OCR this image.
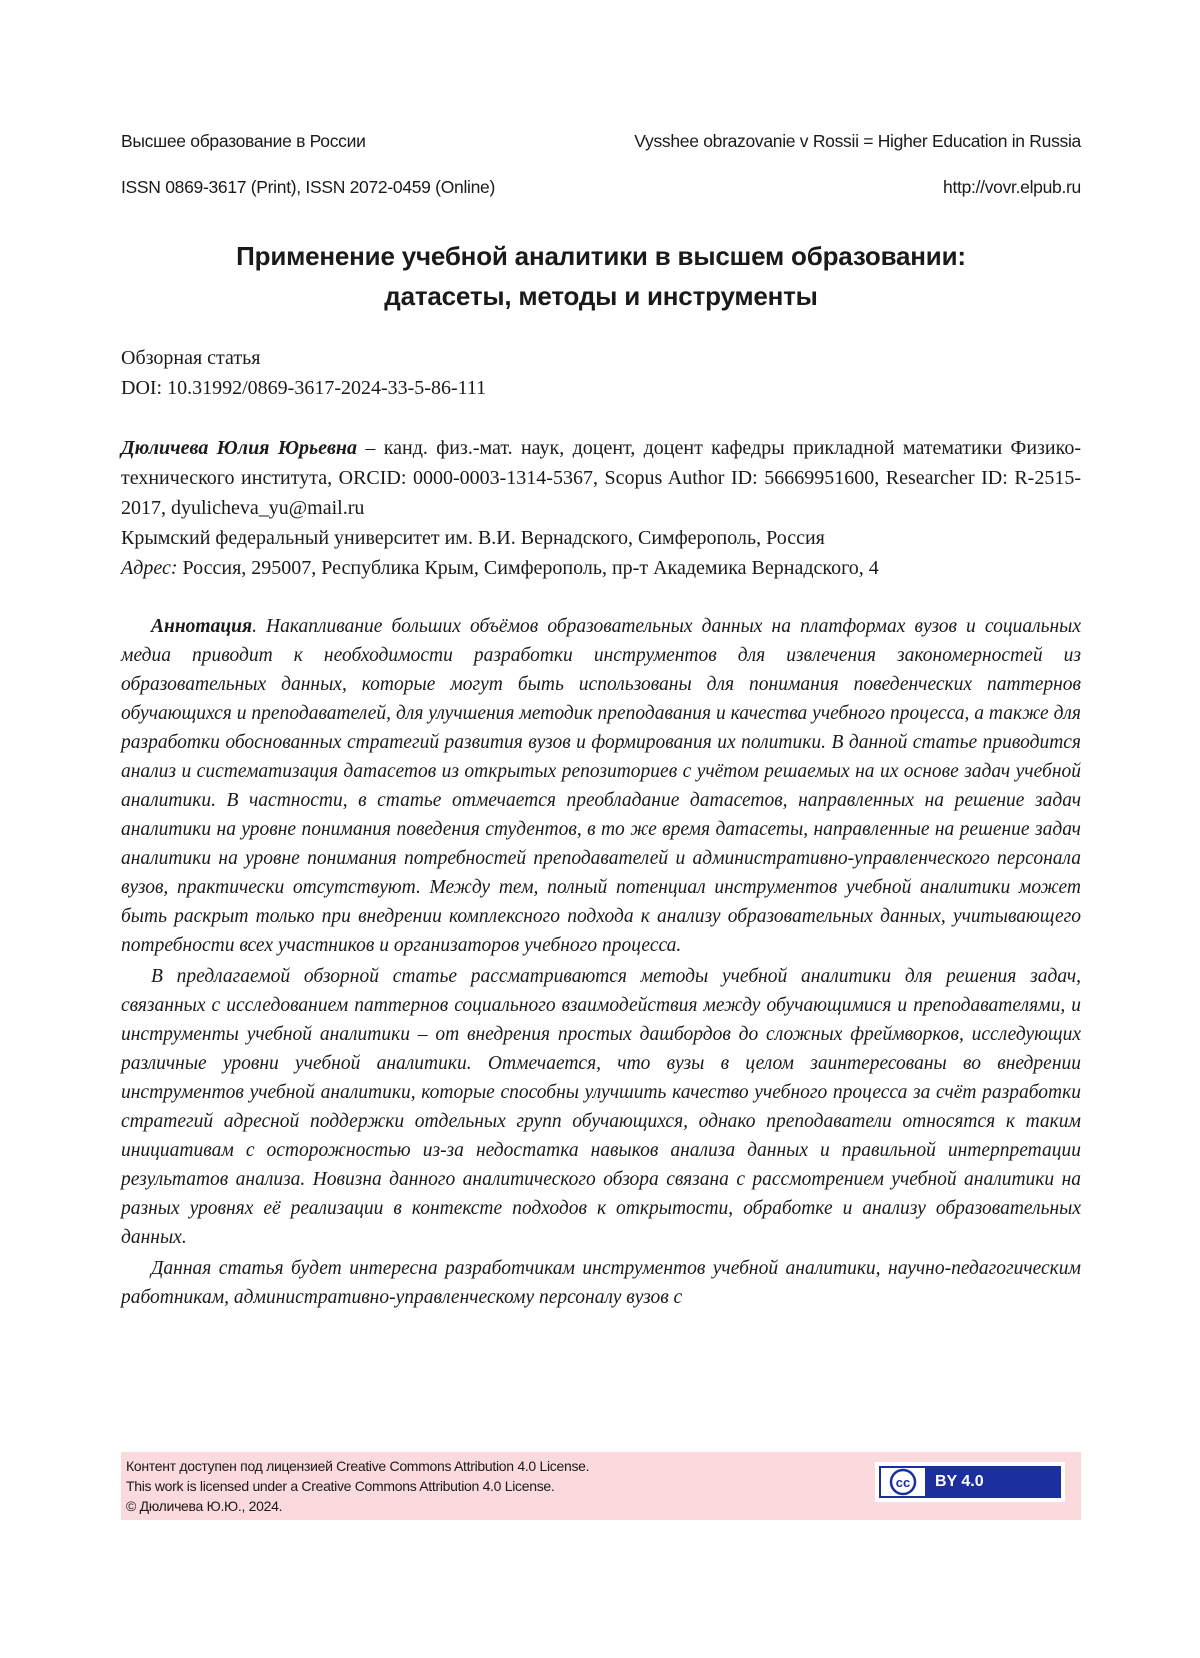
Высшее образование в России	Vysshee obrazovanie v Rossii = Higher Education in Russia
ISSN 0869-3617 (Print), ISSN 2072-0459 (Online)	http://vovr.elpub.ru
Применение учебной аналитики в высшем образовании:
датасеты, методы и инструменты
Обзорная статья
DOI: 10.31992/0869-3617-2024-33-5-86-111
Дюличева Юлия Юрьевна – канд. физ.-мат. наук, доцент, доцент кафедры прикладной математики Физико-технического института, ORCID: 0000-0003-1314-5367, Scopus Author ID: 56669951600, Researcher ID: R-2515-2017, dyulicheva_yu@mail.ru
Крымский федеральный университет им. В.И. Вернадского, Симферополь, Россия
Адрес: Россия, 295007, Республика Крым, Симферополь, пр-т Академика Вернадского, 4

Аннотация. Накапливание больших объёмов образовательных данных на платформах вузов и социальных медиа приводит к необходимости разработки инструментов для извлечения закономерностей из образовательных данных, которые могут быть использованы для понимания поведенческих паттернов обучающихся и преподавателей, для улучшения методик преподавания и качества учебного процесса, а также для разработки обоснованных стратегий развития вузов и формирования их политики. В данной статье приводится анализ и систематизация датасетов из открытых репозиториев с учётом решаемых на их основе задач учебной аналитики. В частности, в статье отмечается преобладание датасетов, направленных на решение задач аналитики на уровне понимания поведения студентов, в то же время датасеты, направленные на решение задач аналитики на уровне понимания потребностей преподавателей и административно-управленческого персонала вузов, практически отсутствуют. Между тем, полный потенциал инструментов учебной аналитики может быть раскрыт только при внедрении комплексного подхода к анализу образовательных данных, учитывающего потребности всех участников и организаторов учебного процесса.

В предлагаемой обзорной статье рассматриваются методы учебной аналитики для решения задач, связанных с исследованием паттернов социального взаимодействия между обучающимися и преподавателями, и инструменты учебной аналитики – от внедрения простых дашбордов до сложных фреймворков, исследующих различные уровни учебной аналитики. Отмечается, что вузы в целом заинтересованы во внедрении инструментов учебной аналитики, которые способны улучшить качество учебного процесса за счёт разработки стратегий адресной поддержки отдельных групп обучающихся, однако преподаватели относятся к таким инициативам с осторожностью из-за недостатка навыков анализа данных и правильной интерпретации результатов анализа. Новизна данного аналитического обзора связана с рассмотрением учебной аналитики на разных уровнях её реализации в контексте подходов к открытости, обработке и анализу образовательных данных.

Данная статья будет интересна разработчикам инструментов учебной аналитики, научно-педагогическим работникам, административно-управленческому персоналу вузов с

Контент доступен под лицензией Creative Commons Attribution 4.0 License.
This work is licensed under a Creative Commons Attribution 4.0 License.
© Дюличева Ю.Ю., 2024.
cc	BY 4.0
